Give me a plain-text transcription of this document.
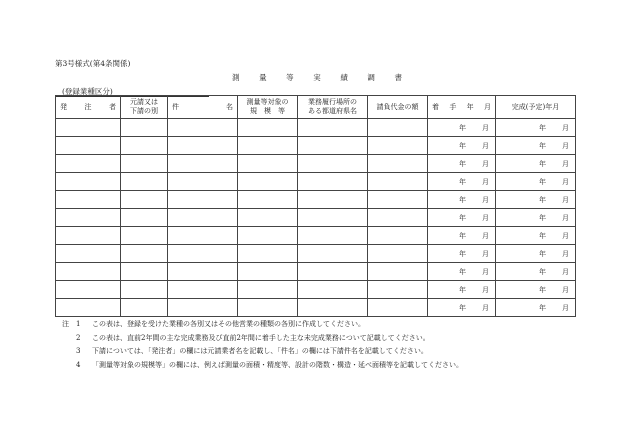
第3号様式(第4条関係)
測	量	等	実	績	調	書
(登録業種区分)
発 注 者	元請又は
下請の別	件 名	測量等対象の
規　模　等	業務履行場所の
ある都道府県名	請負代金の額	着 手 年 月	完成(予定)年月

						年 月	年 月

						年 月	年 月

						年 月	年 月

						年 月	年 月

						年 月	年 月

						年 月	年 月

						年 月	年 月

						年 月	年 月

						年 月	年 月

						年 月	年 月

						年 月	年 月
注	1	この表は、登録を受けた業種の各別又はその他営業の種類の各別に作成してください。
2	この表は、直前2年間の主な完成業務及び直前2年間に着手した主な未完成業務について記載してください。
3	下請については、「発注者」の欄には元請業者名を記載し、「件名」の欄には下請件名を記載してください。
4	「測量等対象の規模等」の欄には、例えば測量の面積・精度等、設計の階数・構造・延べ面積等を記載してください。
